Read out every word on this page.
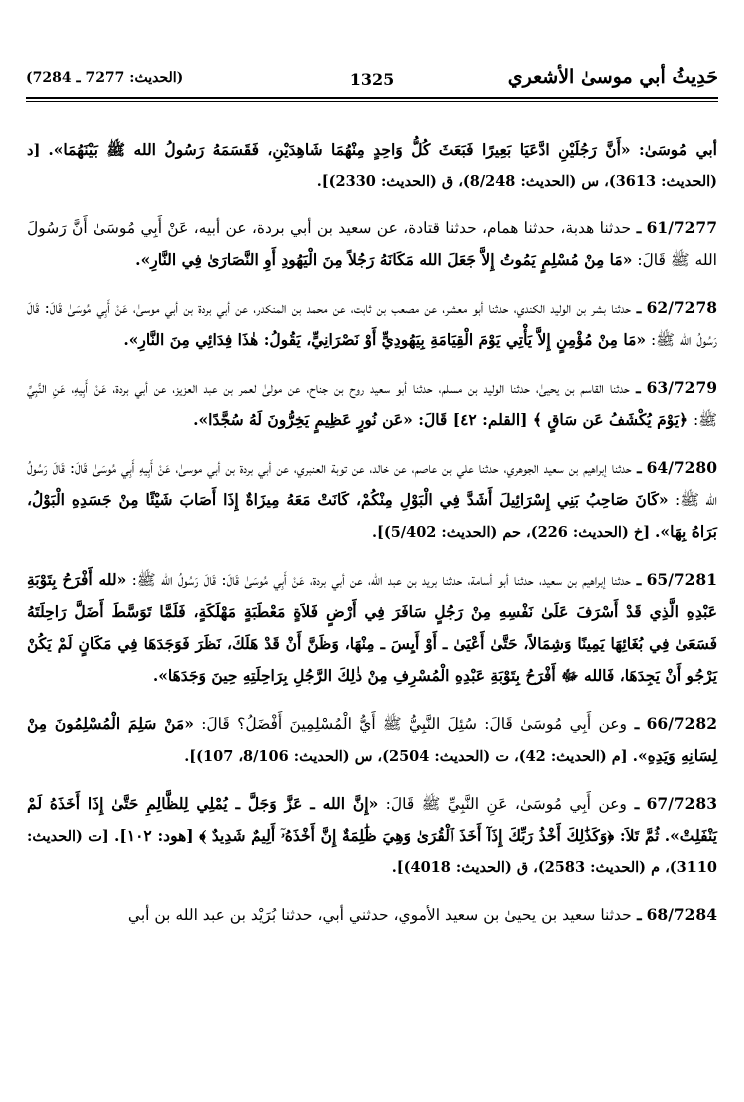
حَدِيثُ أبي موسىٰ الأشعري
1325
(الحديث: 7277 ـ 7284)

أبي مُوسَىٰ: «أَنَّ رَجُلَيْنِ ادَّعَيَا بَعِيرًا فَبَعَثَ كُلُّ وَاحِدٍ مِنْهُمَا شَاهِدَيْنِ، فَقَسَمَهُ رَسُولُ الله ﷺ بَيْنَهُمَا». [د (الحديث: 3613)، س (الحديث: 8/248)، ق (الحديث: 2330)].

61/7277 ـ حدثنا هدبة، حدثنا همام، حدثنا قتادة، عن سعيد بن أبي بردة، عن أبيه، عَنْ أَبِي مُوسَىٰ أَنَّ رَسُولَ الله ﷺ قَالَ: «مَا مِنْ مُسْلِمٍ يَمُوتُ إِلاَّ جَعَلَ الله مَكَانَهُ رَجُلاً مِنَ الْيَهُودِ أَوِ النَّصَارَىٰ فِي النَّارِ».

62/7278 ـ حدثنا بشر بن الوليد الكندي، حدثنا أبو معشر، عن مصعب بن ثابت، عن محمد بن المنكدر، عن أبي بردة بن أبي موسىٰ، عَنْ أَبِي مُوسَىٰ قَالَ: قَالَ رَسُولُ الله ﷺ: «مَا مِنْ مُؤْمِنٍ إِلاَّ يَأْتِي يَوْمَ الْقِيَامَةِ بِيَهُودِيٍّ أَوْ نَصْرَانِيٍّ، يَقُولُ: هٰذَا فِدَائِي مِنَ النَّارِ».

63/7279 ـ حدثنا القاسم بن يحيىٰ، حدثنا الوليد بن مسلم، حدثنا أبو سعيد روح بن جناح، عن مولىٰ لعمر بن عبد العزيز، عن أبي بردة، عَنْ أَبِيهِ، عَنِ النَّبِيِّ ﷺ: ﴿يَوْمَ يُكْشَفُ عَن سَاقٍ ﴾ [القلم: ٤٢] قَالَ: «عَن نُورٍ عَظِيمٍ يَخِرُّونَ لَهُ سُجَّدًا».

64/7280 ـ حدثنا إبراهيم بن سعيد الجوهري، حدثنا علي بن عاصم، عن خالد، عن توبة العنبري، عن أبي بردة بن أبي موسىٰ، عَنْ أَبِيهِ أَبِي مُوسَىٰ قَالَ: قَالَ رَسُولُ الله ﷺ: «كَانَ صَاحِبُ بَنِي إِسْرَائِيلَ أَشَدَّ فِي الْبَوْلِ مِنْكُمْ، كَانَتْ مَعَهُ مِيزَاةٌ إِذَا أَصَابَ شَيْئًا مِنْ جَسَدِهِ الْبَوْلُ، بَرَاهُ بِهَا». [خ (الحديث: 226)، حم (الحديث: 5/402)].

65/7281 ـ حدثنا إبراهيم بن سعيد، حدثنا أبو أسامة، حدثنا بريد بن عبد الله، عن أبي بردة، عَنْ أَبِي مُوسَىٰ قَالَ: قَالَ رَسُولُ الله ﷺ: «لله أَفْرَحُ بِتَوْبَةِ عَبْدِهِ الَّذِي قَدْ أَسْرَفَ عَلَىٰ نَفْسِهِ مِنْ رَجُلٍ سَافَرَ فِي أَرْضٍ فَلاَةٍ مَعْطَبَةٍ مَهْلَكَةٍ، فَلَمَّا تَوَسَّطَ أَضَلَّ رَاحِلَتَهُ فَسَعَىٰ فِي بُغَائِهَا يَمِينًا وَشِمَالاً، حَتَّىٰ أَعْيَىٰ ـ أَوْ أَيِسَ ـ مِنْهَا، وَظَنَّ أَنْ قَدْ هَلَكَ، نَظَرَ فَوَجَدَهَا فِي مَكَانٍ لَمْ يَكُنْ يَرْجُو أَنْ يَجِدَهَا، فَالله ﷻ أَفْرَحُ بِتَوْبَةِ عَبْدِهِ الْمُسْرِفِ مِنْ ذٰلِكَ الرَّجُلِ بِرَاحِلَتِهِ حِينَ وَجَدَهَا».

66/7282 ـ وعن أَبِي مُوسَىٰ قَالَ: سُئِلَ النَّبِيُّ ﷺ أَيُّ الْمُسْلِمِينَ أَفْضَلُ؟ قَالَ: «مَنْ سَلِمَ الْمُسْلِمُونَ مِنْ لِسَانِهِ وَيَدِهِ». [م (الحديث: 42)، ت (الحديث: 2504)، س (الحديث: 8/106، 107)].

67/7283 ـ وعن أَبِي مُوسَىٰ، عَنِ النَّبِيِّ ﷺ قَالَ: «إِنَّ الله ـ عَزَّ وَجَلَّ ـ يُمْلِي لِلظَّالِمِ حَتَّىٰ إِذَا أَخَذَهُ لَمْ يَنْفَلِتْ». ثُمَّ تَلاَ: ﴿وَكَذَٰلِكَ أَخْذُ رَبِّكَ إِذَآ أَخَذَ ٱلْقُرَىٰ وَهِيَ ظَٰلِمَةٌ إِنَّ أَخْذَهُۥٓ أَلِيمٌ شَدِيدٌ ﴾ [هود: ١٠٢]. [ت (الحديث: 3110)، م (الحديث: 2583)، ق (الحديث: 4018)].

68/7284 ـ حدثنا سعيد بن يحيىٰ بن سعيد الأموي، حدثني أبي، حدثنا بُرَيْد بن عبد الله بن أبي
